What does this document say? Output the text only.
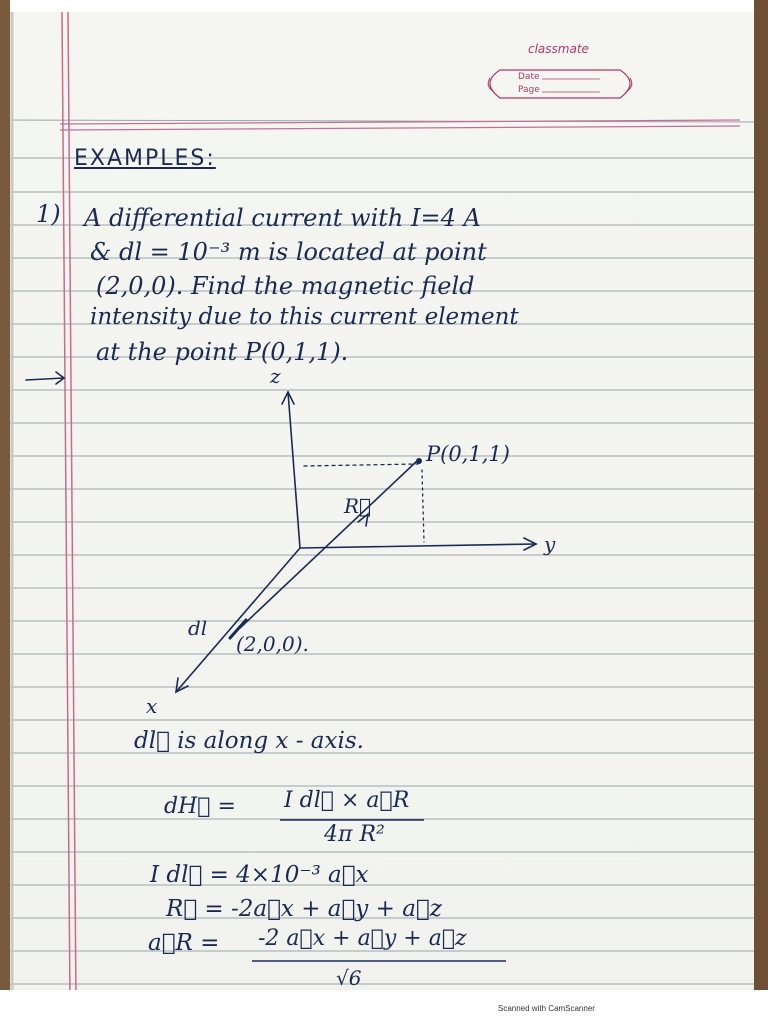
classmate
Date
Page
EXAMPLES:
1) A differential current with I=4 A
& dl = 10⁻³ m is located at point
(2,0,0). Find the magnetic field
intensity due to this current element
at the point P(0,1,1).
z
y
x
P(0,1,1)
R⃗
dl
(2,0,0).
dl⃗ is along x - axis.
dH⃗ = I dl⃗ × a⃗R
4π R²
I dl⃗ = 4×10⁻³ a⃗x
R⃗ = -2a⃗x + a⃗y + a⃗z
a⃗R = -2 a⃗x + a⃗y + a⃗z
√6
Scanned with CamScanner
